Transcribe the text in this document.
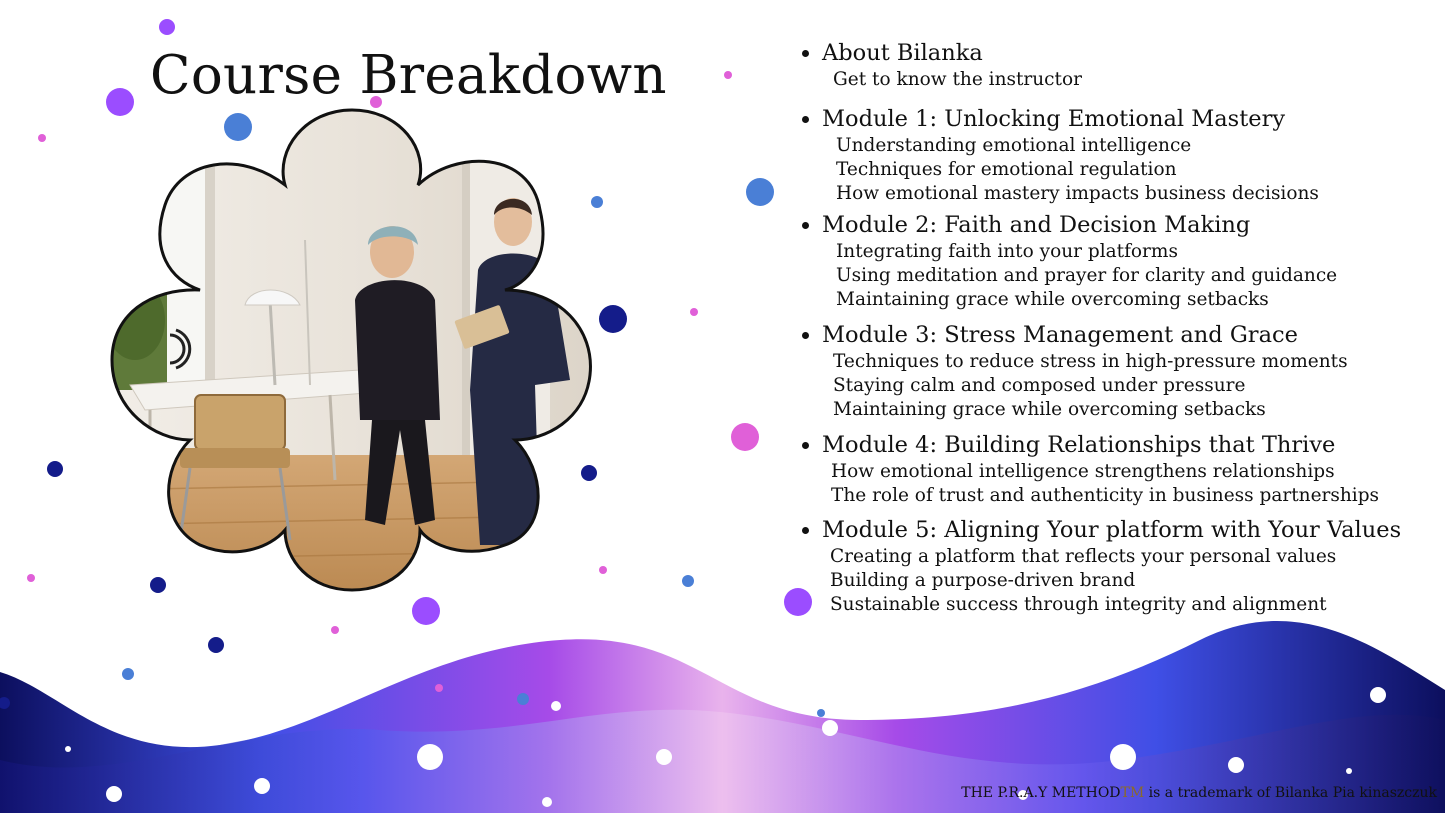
Course Breakdown	About Bilanka
Get to know the instructor
Module 1: Unlocking Emotional Mastery
Understanding emotional intelligence
Techniques for emotional regulation
How emotional mastery impacts business decisions
Module 2: Faith and Decision Making
Integrating faith into your platforms
Using meditation and prayer for clarity and guidance
Maintaining grace while overcoming setbacks
Module 3: Stress Management and Grace
Techniques to reduce stress in high-pressure moments
Staying calm and composed under pressure
Maintaining grace while overcoming setbacks
Module 4: Building Relationships that Thrive
How emotional intelligence strengthens relationships
The role of trust and authenticity in business partnerships
Module 5: Aligning Your platform with Your Values
Creating a platform that reflects your personal values
Building a purpose-driven brand
Sustainable success through integrity and alignment
THE P.R.A.Y METHODTM is a trademark of Bilanka Pia kinaszczuk
